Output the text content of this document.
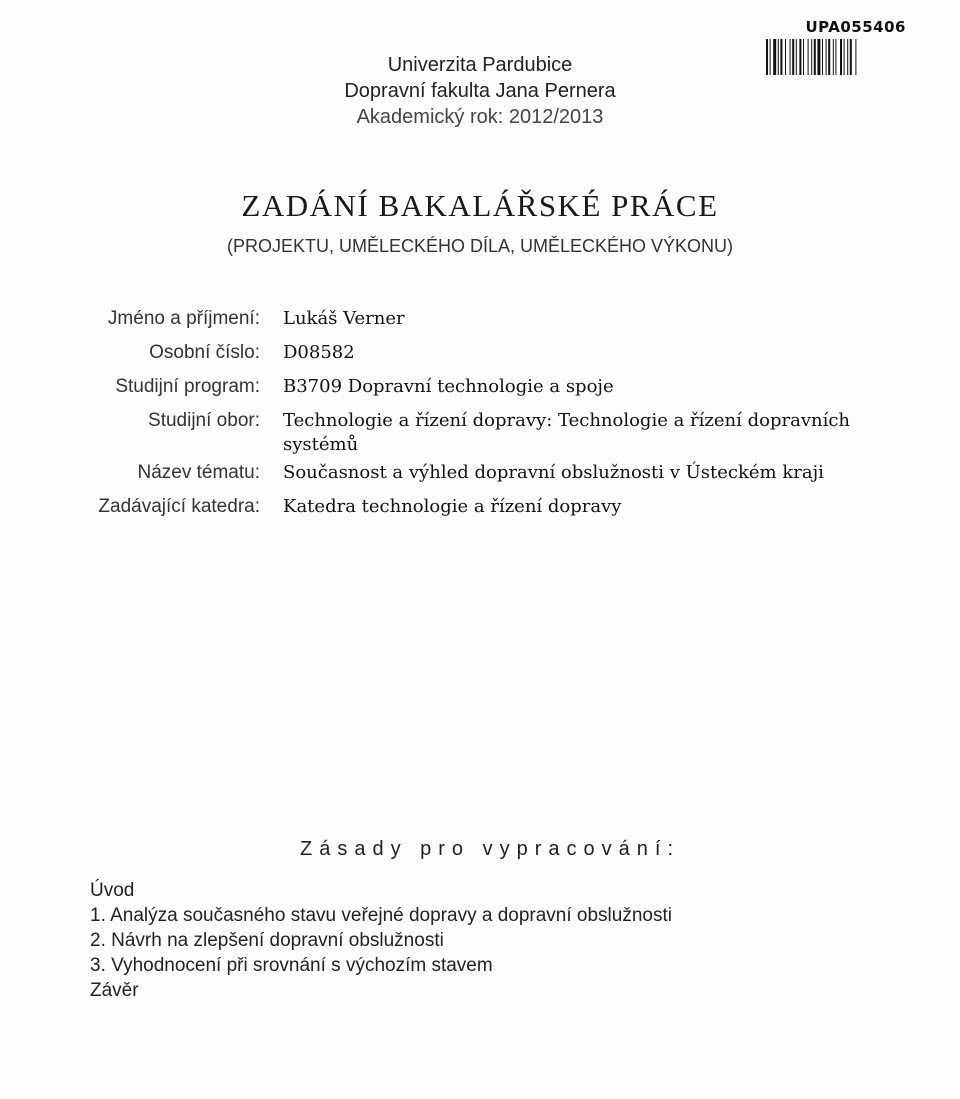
UPA055406
Univerzita Pardubice
Dopravní fakulta Jana Pernera
Akademický rok: 2012/2013
ZADÁNÍ BAKALÁŘSKÉ PRÁCE
(PROJEKTU, UMĚLECKÉHO DÍLA, UMĚLECKÉHO VÝKONU)
Jméno a příjmení: Lukáš Verner
Osobní číslo: D08582
Studijní program: B3709 Dopravní technologie a spoje
Studijní obor: Technologie a řízení dopravy: Technologie a řízení dopravních
systémů
Název tématu: Současnost a výhled dopravní obslužnosti v Ústeckém kraji
Zadávající katedra: Katedra technologie a řízení dopravy
Zásady pro vypracování:
Úvod
1. Analýza současného stavu veřejné dopravy a dopravní obslužnosti
2. Návrh na zlepšení dopravní obslužnosti
3. Vyhodnocení při srovnání s výchozím stavem
Závěr
